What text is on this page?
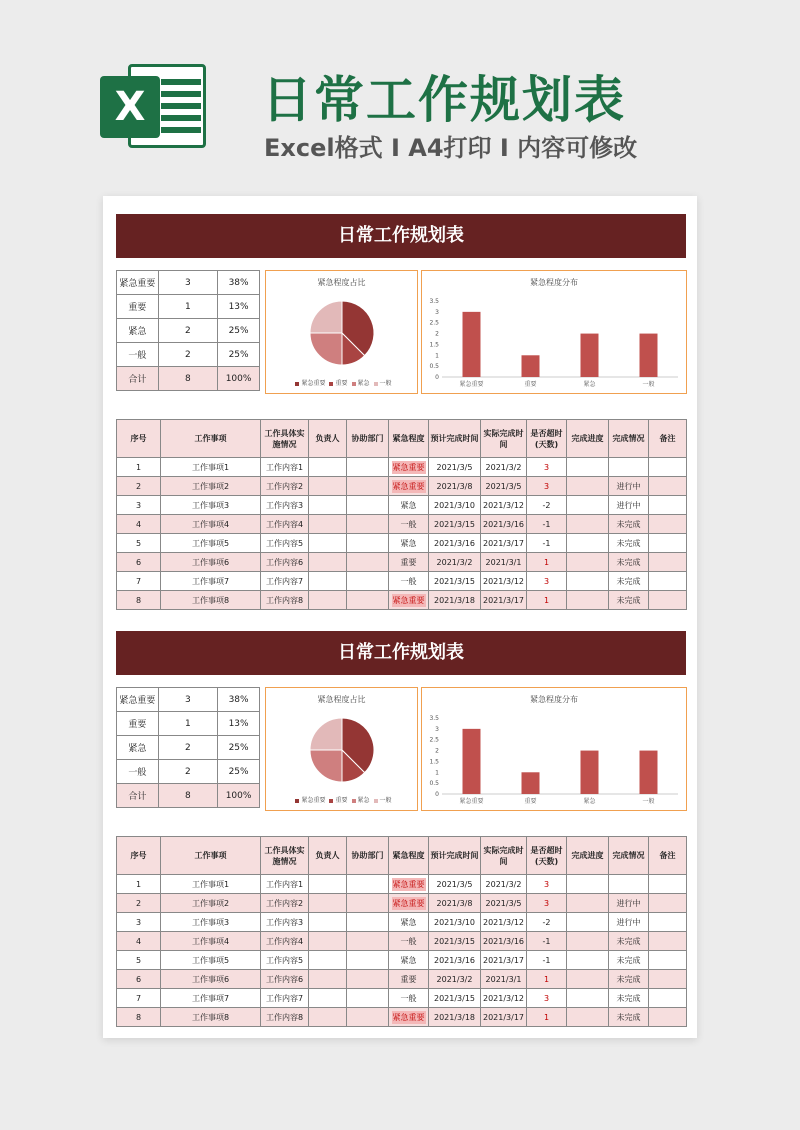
X 日常工作规划表
Excel格式 I A4打印 I 内容可修改
日常工作规划表
紧急重要	3	38%
重要	1	13%
紧急	2	25%
一般	2	25%
合计	8	100%
紧急程度占比
紧急重要 重要 紧急 一般
紧急程度分布
0
0.5
1
1.5
2
2.5
3
3.5
紧急重要	重要	紧急	一般
序号	工作事项	工作具体实施情况	负责人	协助部门	紧急程度	预计完成时间	实际完成时间	是否超时(天数)	完成进度	完成情况	备注
1	工作事项1	工作内容1			紧急重要	2021/3/5	2021/3/2	3			
2	工作事项2	工作内容2			紧急重要	2021/3/8	2021/3/5	3		进行中	
3	工作事项3	工作内容3			紧急	2021/3/10	2021/3/12	-2		进行中	
4	工作事项4	工作内容4			一般	2021/3/15	2021/3/16	-1		未完成	
5	工作事项5	工作内容5			紧急	2021/3/16	2021/3/17	-1		未完成	
6	工作事项6	工作内容6			重要	2021/3/2	2021/3/1	1		未完成	
7	工作事项7	工作内容7			一般	2021/3/15	2021/3/12	3		未完成	
8	工作事项8	工作内容8			紧急重要	2021/3/18	2021/3/17	1		未完成	
日常工作规划表
紧急重要	3	38%
重要	1	13%
紧急	2	25%
一般	2	25%
合计	8	100%
紧急程度占比
紧急重要 重要 紧急 一般
紧急程度分布
0
0.5
1
1.5
2
2.5
3
3.5
紧急重要	重要	紧急	一般
序号	工作事项	工作具体实施情况	负责人	协助部门	紧急程度	预计完成时间	实际完成时间	是否超时(天数)	完成进度	完成情况	备注
1	工作事项1	工作内容1			紧急重要	2021/3/5	2021/3/2	3			
2	工作事项2	工作内容2			紧急重要	2021/3/8	2021/3/5	3		进行中	
3	工作事项3	工作内容3			紧急	2021/3/10	2021/3/12	-2		进行中	
4	工作事项4	工作内容4			一般	2021/3/15	2021/3/16	-1		未完成	
5	工作事项5	工作内容5			紧急	2021/3/16	2021/3/17	-1		未完成	
6	工作事项6	工作内容6			重要	2021/3/2	2021/3/1	1		未完成	
7	工作事项7	工作内容7			一般	2021/3/15	2021/3/12	3		未完成	
8	工作事项8	工作内容8			紧急重要	2021/3/18	2021/3/17	1		未完成	
